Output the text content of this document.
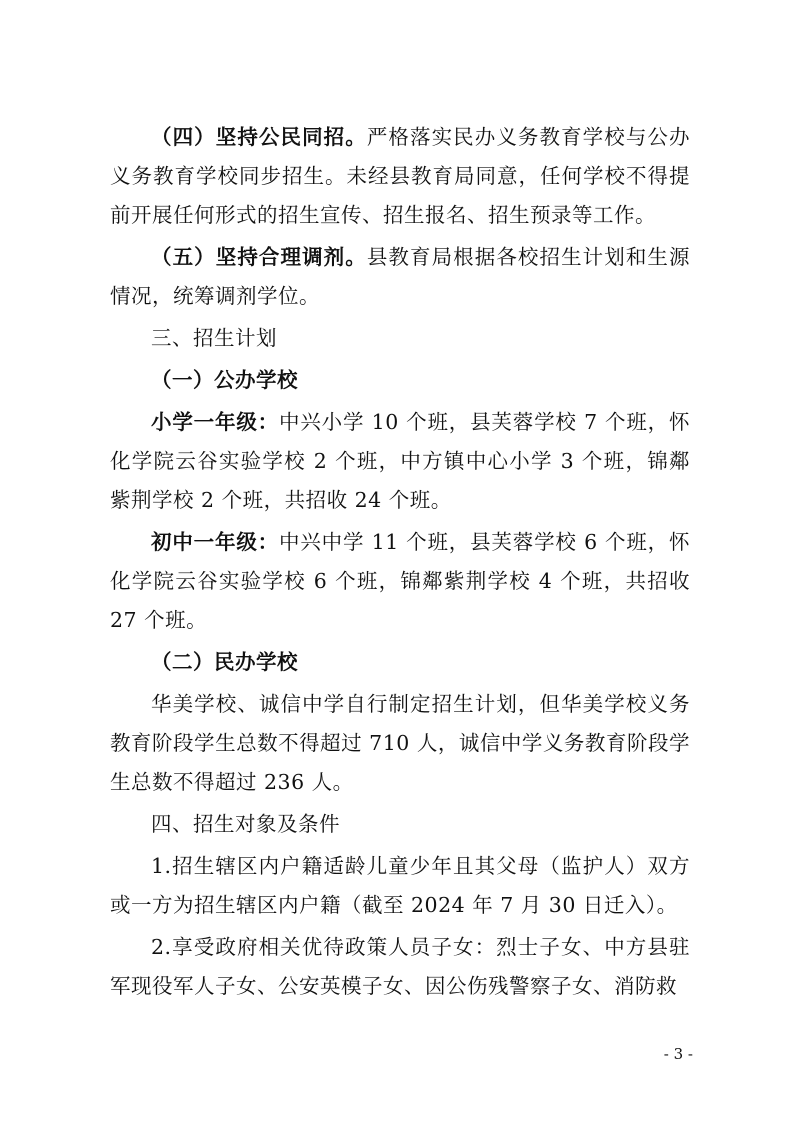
（四）坚持公民同招。严格落实民办义务教育学校与公办义务教育学校同步招生。未经县教育局同意，任何学校不得提前开展任何形式的招生宣传、招生报名、招生预录等工作。

（五）坚持合理调剂。县教育局根据各校招生计划和生源情况，统筹调剂学位。

三、招生计划

（一）公办学校

小学一年级：中兴小学 10 个班，县芙蓉学校 7 个班，怀化学院云谷实验学校 2 个班，中方镇中心小学 3 个班，锦鄰紫荆学校 2 个班，共招收 24 个班。

初中一年级：中兴中学 11 个班，县芙蓉学校 6 个班，怀化学院云谷实验学校 6 个班，锦鄰紫荆学校 4 个班，共招收 27 个班。

（二）民办学校

华美学校、诚信中学自行制定招生计划，但华美学校义务教育阶段学生总数不得超过 710 人，诚信中学义务教育阶段学生总数不得超过 236 人。

四、招生对象及条件

1.招生辖区内户籍适龄儿童少年且其父母（监护人）双方或一方为招生辖区内户籍（截至 2024 年 7 月 30 日迁入）。

2.享受政府相关优待政策人员子女：烈士子女、中方县驻军现役军人子女、公安英模子女、因公伤残警察子女、消防救

- 3 -
